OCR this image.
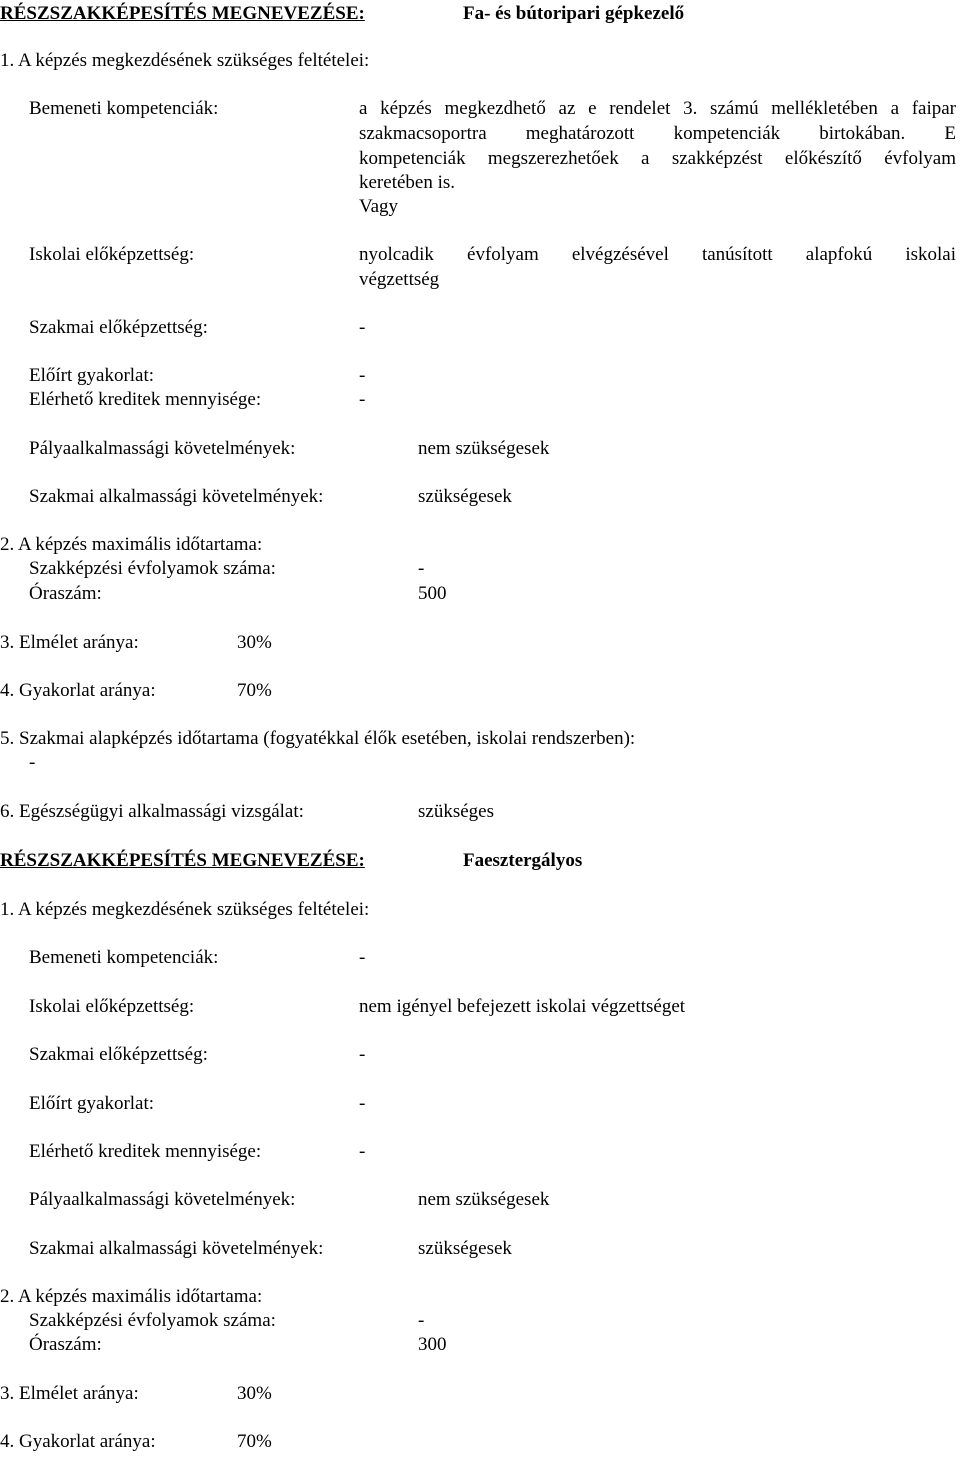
RÉSZSZAKKÉPESÍTÉS MEGNEVEZÉSE:	Fa- és bútoripari gépkezelő
1. A képzés megkezdésének szükséges feltételei:
Bemeneti kompetenciák:	a képzés megkezdhető az e rendelet 3. számú mellékletében a faipar
szakmacsoportra meghatározott kompetenciák birtokában. E
kompetenciák megszerezhetőek a szakképzést előkészítő évfolyam
keretében is.
Vagy
Iskolai előképzettség:	nyolcadik évfolyam elvégzésével tanúsított alapfokú iskolai
végzettség
Szakmai előképzettség:	-
Előírt gyakorlat:	-
Elérhető kreditek mennyisége:	-
Pályaalkalmassági követelmények:	nem szükségesek
Szakmai alkalmassági követelmények:	szükségesek
2. A képzés maximális időtartama:
Szakképzési évfolyamok száma:	-
Óraszám:	500
3. Elmélet aránya:	30%
4. Gyakorlat aránya:	70%
5. Szakmai alapképzés időtartama (fogyatékkal élők esetében, iskolai rendszerben):
-
6. Egészségügyi alkalmassági vizsgálat:	szükséges
RÉSZSZAKKÉPESÍTÉS MEGNEVEZÉSE:	Faesztergályos
1. A képzés megkezdésének szükséges feltételei:
Bemeneti kompetenciák:	-
Iskolai előképzettség:	nem igényel befejezett iskolai végzettséget
Szakmai előképzettség:	-
Előírt gyakorlat:	-
Elérhető kreditek mennyisége:	-
Pályaalkalmassági követelmények:	nem szükségesek
Szakmai alkalmassági követelmények:	szükségesek
2. A képzés maximális időtartama:
Szakképzési évfolyamok száma:	-
Óraszám:	300
3. Elmélet aránya:	30%
4. Gyakorlat aránya:	70%
